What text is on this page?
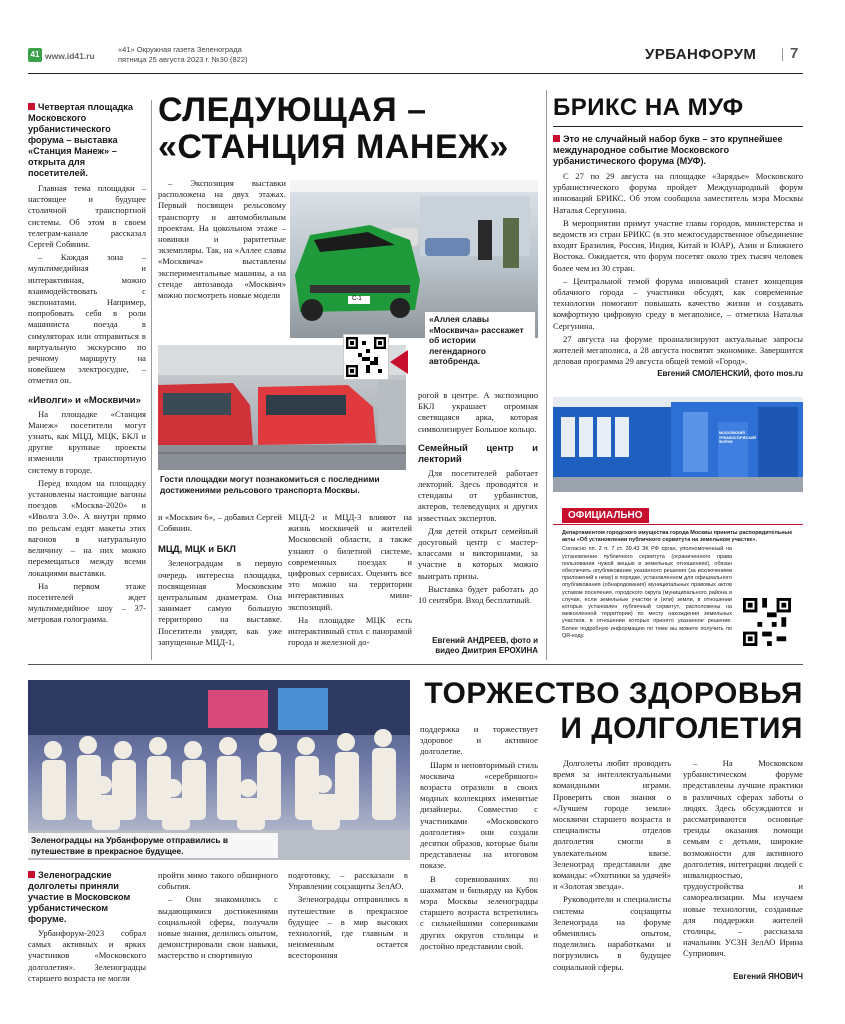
41 www.id41.ru
«41» Окружная газета Зеленограда
пятница 25 августа 2023 г. №30 (822)	УРБАНФОРУМ 7
СЛЕДУЮЩАЯ –
«СТАНЦИЯ МАНЕЖ»
Четвертая площадка Московского урбанистического форума – выставка «Станция Манеж» – открыта для посетителей.

Главная тема площадки – настоящее и будущее столичной транспортной системы. Об этом в своем телеграм-канале рассказал Сергей Собянин.

– Каждая зона – мультимедийная и интерактивная, можно взаимодействовать с экспонатами. Например, попробовать себя в роли машиниста поезда в симуляторах или отправиться в виртуальную экскурсию по речному маршруту на новейшем электросудне, – отметил он.

«Иволги» и «Москвичи»

На площадке «Станция Манеж» посетители могут узнать, как МЦД, МЦК, БКЛ и другие крупные проекты изменили транспортную систему в городе.

Перед входом на площадку установлены настоящие вагоны поездов «Москва-2020» и «Иволга 3.0». А внутри прямо по рельсам ездят макеты этих вагонов в натуральную величину – на них можно перемещаться между всеми локациями выставки.

На первом этаже посетителей ждет мультимедийное шоу – 37-метровая голограмма.

– Экспозиция выставки расположена на двух этажах. Первый посвящен рельсовому транспорту и автомобильным проектам. На цокольном этаже – новинки и раритетные экземпляры. Так, на «Аллее славы «Москвича» выставлены экспериментальные машины, а на стенде автозавода «Москвич» можно посмотреть новые модели	C-1
«Аллея славы «Москвича» расскажет об истории легендарного автобренда.
Гости площадки могут познакомиться с последними достижениями рельсового транспорта Москвы.

и «Москвич 6», – добавил Сергей Собянин.

МЦД, МЦК и БКЛ

Зеленоградцам в первую очередь интересна площадка, посвященная Московским центральным диаметрам. Она занимает самую большую территорию на выставке. Посетители увидят, как уже запущенные МЦД-1,

МЦД-2 и МЦД-3 влияют на жизнь москвичей и жителей Московской области, а также узнают о билетной системе, современных поездах и цифровых сервисах. Оценить все это можно на территории интерактивных мини-экспозиций.

На площадке МЦК есть интерактивный стол с панорамой города и железной до-

рогой в центре. А экспозицию БКЛ украшает огромная светящаяся арка, которая символизирует Большое кольцо.

Семейный центр и лекторий

Для посетителей работает лекторий. Здесь проводятся и стендапы от урбанистов, актеров, телеведущих и других известных экспертов.

Для детей открыт семейный досуговый центр с мастер-классами и викторинами, за участие в которых можно выиграть призы.

Выставка будет работать до 10 сентября. Вход бесплатный.

Евгений АНДРЕЕВ, фото и видео Дмитрия ЕРОХИНА
БРИКС НА МУФ
Это не случайный набор букв – это крупнейшее международное событие Московского урбанистического форума (МУФ).

С 27 по 29 августа на площадке «Зарядье» Московского урбанистического форума пройдет Международный форум инноваций БРИКС. Об этом сообщила заместитель мэра Москвы Наталья Сергунина.

В мероприятии примут участие главы городов, министерства и ведомств из стран БРИКС (в это межгосударственное объединение входят Бразилия, Россия, Индия, Китай и ЮАР), Азии и Ближнего Востока. Ожидается, что форум посетят около трех тысяч человек более чем из 30 стран.

– Центральной темой форума инноваций станет концепция облачного города – участники обсудят, как современные технологии помогают повышать качество жизни и создавать комфортную цифровую среду в мегаполисе, – отметила Наталья Сергунина.

27 августа на форуме проанализируют актуальные запросы жителей мегаполиса, а 28 августа посвятят экономике. Завершится деловая программа 29 августа общей темой «Город».

Евгений СМОЛЕНСКИЙ, фото mos.ru
МОСКОВСКИЙ УРБАНИСТИЧЕСКИЙ ФОРУМ
ОФИЦИАЛЬНО
Департаментом городского имущества города Москвы приняты распорядительные акты «Об установлении публичного сервитута на земельном участке».
Согласно пп. 2 п. 7 ст. 39.43 ЗК РФ орган, уполномоченный на установление публичного сервитута (ограниченного права пользования чужой вещью в земельных отношениях), обязан обеспечить опубликование указанного решения (за исключением приложений к нему) в порядке, установленном для официального опубликования (обнародования) муниципальных правовых актов уставом поселения, городского округа (муниципального района в случае, если земельные участки и (или) земли, в отношении которых установлен публичный сервитут, расположены на межселенной территории) по месту нахождения земельных участков, в отношении которых принято указанное решение. Более подробную информацию по теме вы можете получить по QR-коду.
Зеленоградцы на Урбанфоруме отправились в путешествие в прекрасное будущее.
Фото УСЗН ЗелАО
ТОРЖЕСТВО ЗДОРОВЬЯ
И ДОЛГОЛЕТИЯ
Зеленоградские долголеты приняли участие в Московском урбанистическом форуме.

Урбанфорум-2023 собрал самых активных и ярких участников «Московского долголетия». Зеленоградцы старшего возраста не могли

пройти мимо такого обширного события.

– Они знакомились с выдающимися достижениями социальной сферы, получали новые знания, делились опытом, демонстрировали свои навыки, мастерство и спортивную

подготовку, – рассказали в Управлении соцзащиты ЗелАО.

Зеленоградцы отправились в путешествие в прекрасное будущее – в мир высоких технологий, где главным и неизменным остается всесторонняя

поддержка и торжествует здоровое и активное долголетие.

Шарм и неповторимый стиль москвича «серебряного» возраста отразили в своих модных коллекциях именитые дизайнеры. Совместно с участниками «Московского долголетия» они создали десятки образов, которые были представлены на итоговом показе.

В соревнованиях по шахматам и бильярду на Кубок мэра Москвы зеленоградцы старшего возраста встретились с сильнейшими соперниками других округов столицы и достойно представили свой.

Долголеты любят проводить время за интеллектуальными командными играми. Проверить свои знания о «Лучшем городе земли» москвичи старшего возраста и специалисты отделов долголетия смогли в увлекательном квизе. Зеленоград представили две команды: «Охотники за удачей» и «Золотая звезда».

Руководители и специалисты системы соцзащиты Зеленограда на форуме обменялись опытом, поделились наработками и погрузились в будущее социальной сферы.

– На Московском урбанистическом форуме представлены лучшие практики в различных сферах заботы о людях. Здесь обсуждаются и рассматриваются основные тренды оказания помощи семьям с детьми, широкие возможности для активного долголетия, интеграции людей с инвалидностью, трудоустройства и самореализации. Мы изучаем новые технологии, созданные для поддержки жителей столицы, – рассказала начальник УСЗН ЗелАО Ирина Суприович.

Евгений ЯНОВИЧ
